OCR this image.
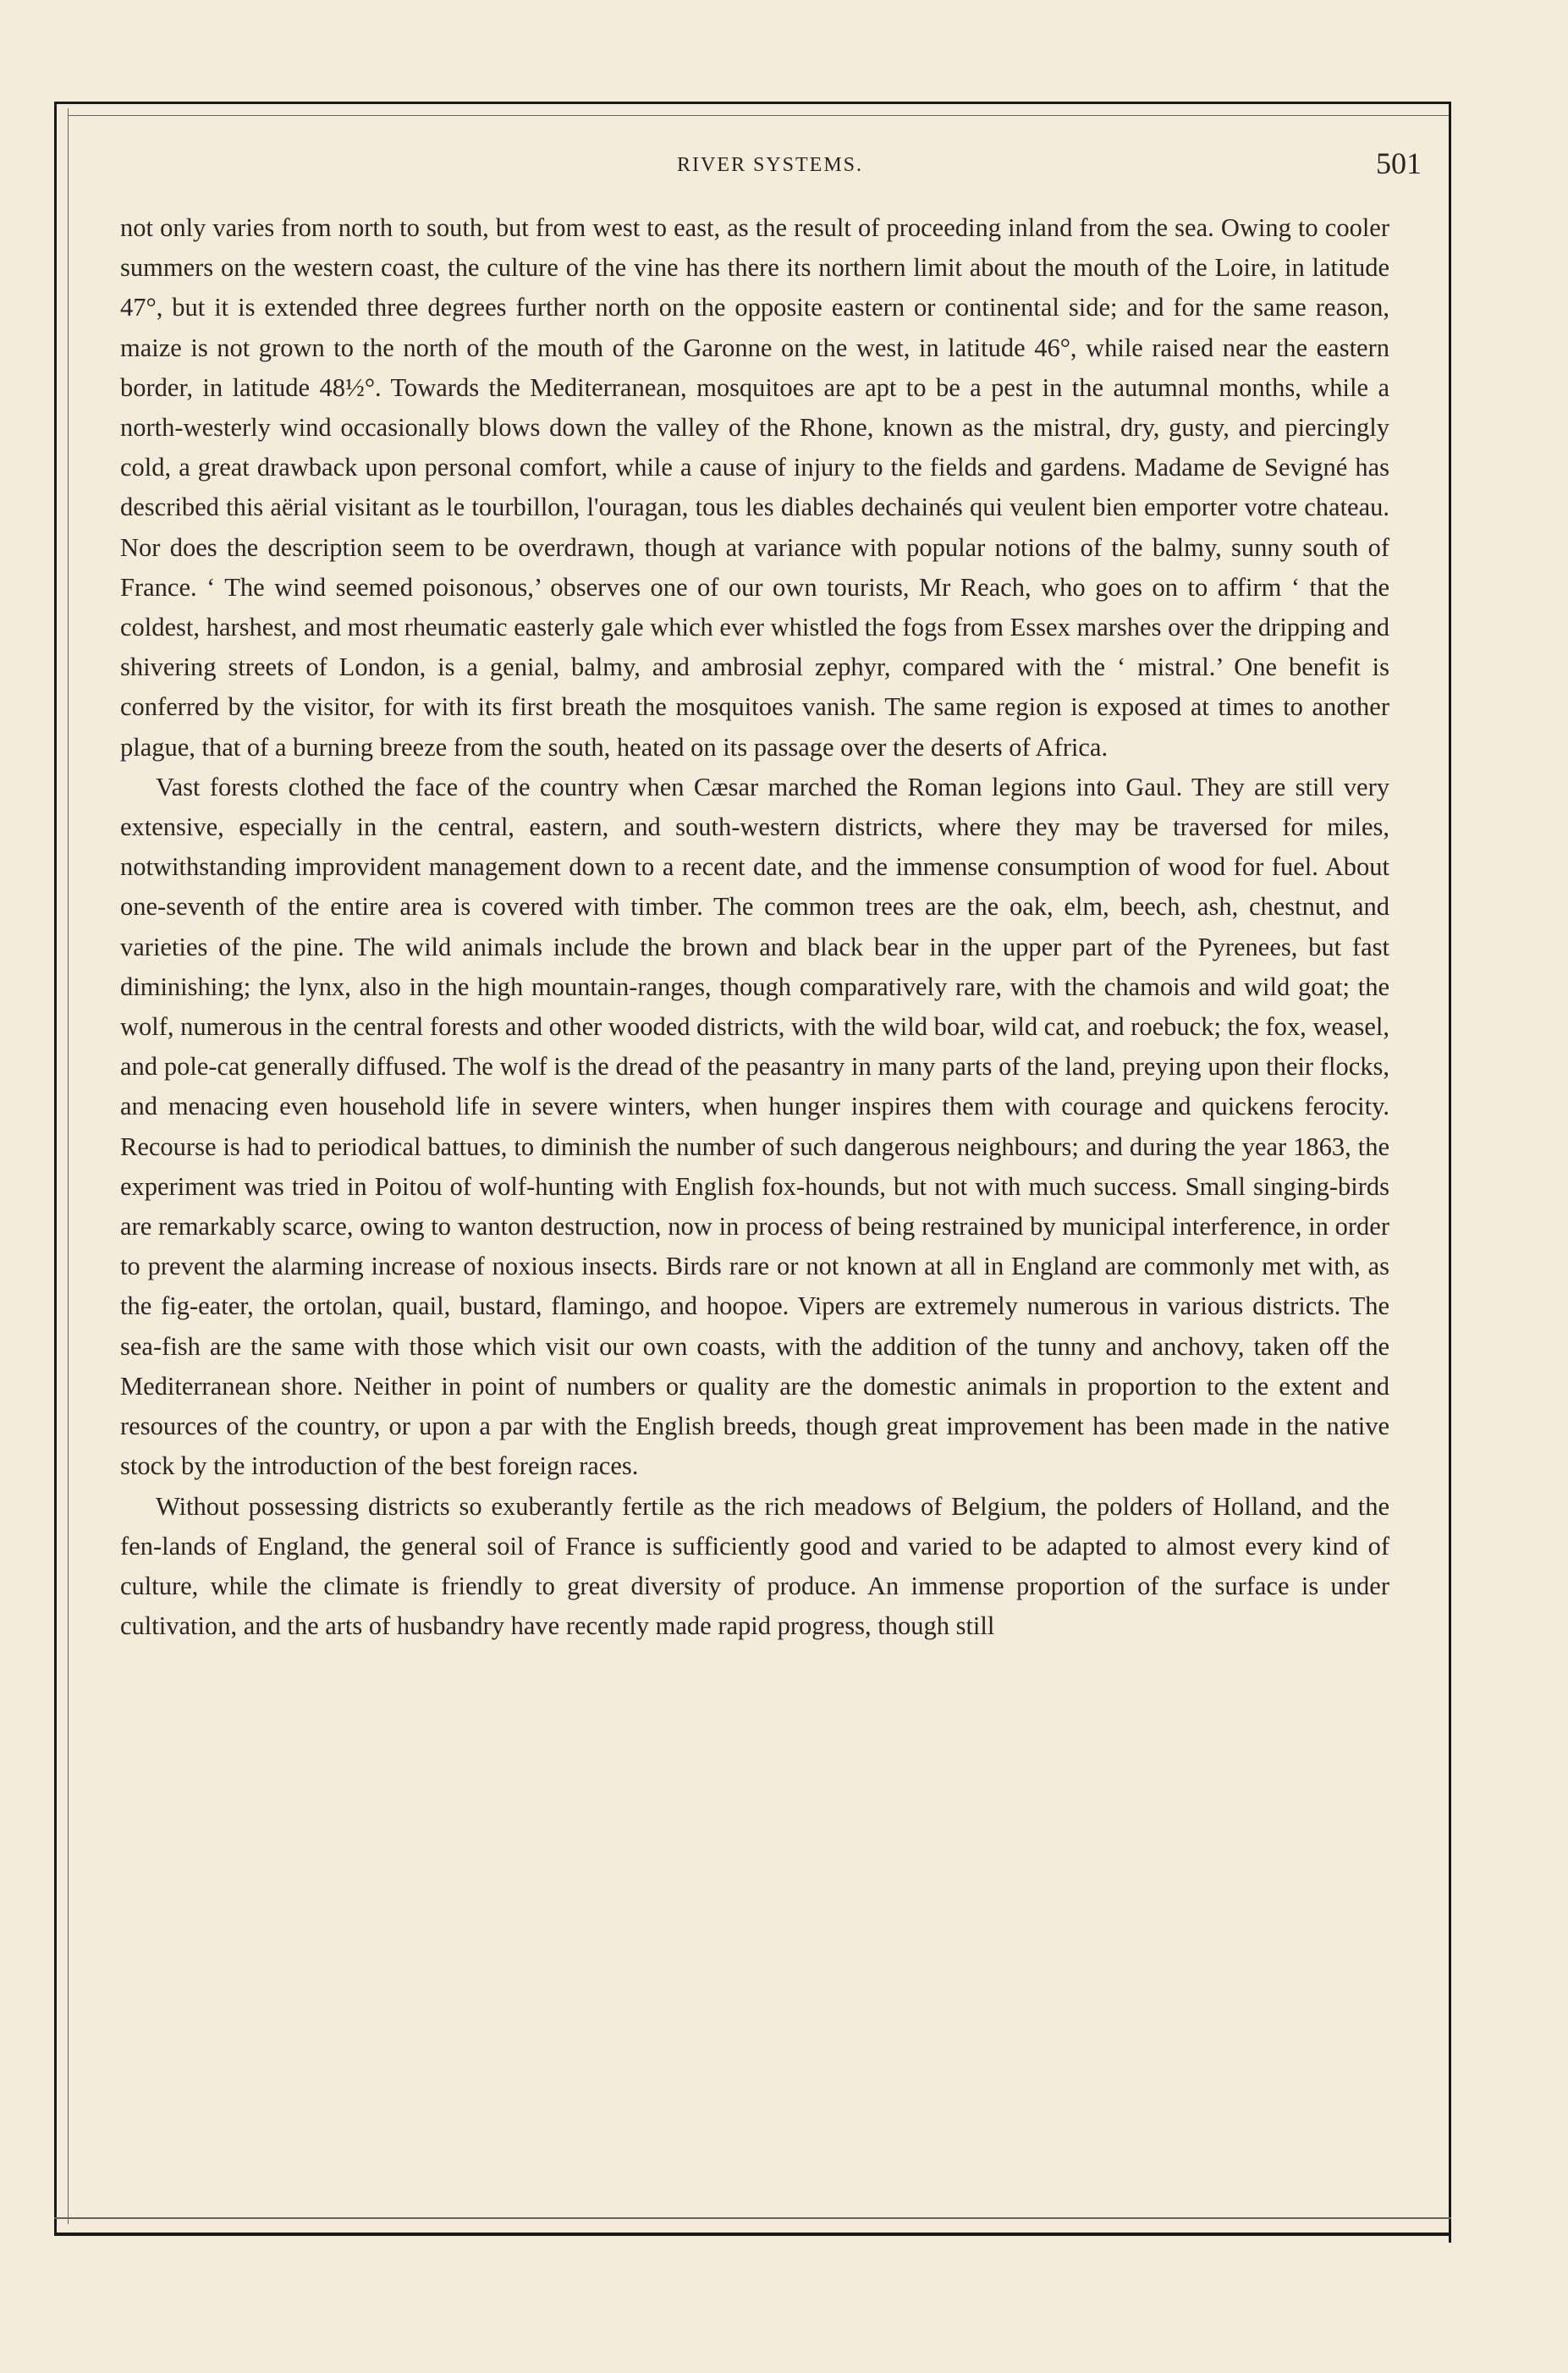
RIVER SYSTEMS.	501

not only varies from north to south, but from west to east, as the result of proceeding inland from the sea. Owing to cooler summers on the western coast, the culture of the vine has there its northern limit about the mouth of the Loire, in latitude 47°, but it is extended three degrees further north on the opposite eastern or continental side; and for the same reason, maize is not grown to the north of the mouth of the Garonne on the west, in latitude 46°, while raised near the eastern border, in latitude 48½°. Towards the Mediterranean, mosquitoes are apt to be a pest in the autumnal months, while a north-westerly wind occasionally blows down the valley of the Rhone, known as the mistral, dry, gusty, and piercingly cold, a great drawback upon personal comfort, while a cause of injury to the fields and gardens. Madame de Sevigné has described this aërial visitant as le tourbillon, l'ouragan, tous les diables dechainés qui veulent bien emporter votre chateau. Nor does the description seem to be overdrawn, though at variance with popular notions of the balmy, sunny south of France. ‘ The wind seemed poisonous,’ observes one of our own tourists, Mr Reach, who goes on to affirm ‘ that the coldest, harshest, and most rheumatic easterly gale which ever whistled the fogs from Essex marshes over the dripping and shivering streets of London, is a genial, balmy, and ambrosial zephyr, compared with the ‘ mistral.’ One benefit is conferred by the visitor, for with its first breath the mosquitoes vanish. The same region is exposed at times to another plague, that of a burning breeze from the south, heated on its passage over the deserts of Africa.

Vast forests clothed the face of the country when Cæsar marched the Roman legions into Gaul. They are still very extensive, especially in the central, eastern, and south-western districts, where they may be traversed for miles, notwithstanding improvident management down to a recent date, and the immense consumption of wood for fuel. About one-seventh of the entire area is covered with timber. The common trees are the oak, elm, beech, ash, chestnut, and varieties of the pine. The wild animals include the brown and black bear in the upper part of the Pyrenees, but fast diminishing; the lynx, also in the high mountain-ranges, though comparatively rare, with the chamois and wild goat; the wolf, numerous in the central forests and other wooded districts, with the wild boar, wild cat, and roebuck; the fox, weasel, and pole-cat generally diffused. The wolf is the dread of the peasantry in many parts of the land, preying upon their flocks, and menacing even household life in severe winters, when hunger inspires them with courage and quickens ferocity. Recourse is had to periodical battues, to diminish the number of such dangerous neighbours; and during the year 1863, the experiment was tried in Poitou of wolf-hunting with English fox-hounds, but not with much success. Small singing-birds are remarkably scarce, owing to wanton destruction, now in process of being restrained by municipal interference, in order to prevent the alarming increase of noxious insects. Birds rare or not known at all in England are commonly met with, as the fig-eater, the ortolan, quail, bustard, flamingo, and hoopoe. Vipers are extremely numerous in various districts. The sea-fish are the same with those which visit our own coasts, with the addition of the tunny and anchovy, taken off the Mediterranean shore. Neither in point of numbers or quality are the domestic animals in proportion to the extent and resources of the country, or upon a par with the English breeds, though great improvement has been made in the native stock by the introduction of the best foreign races.

Without possessing districts so exuberantly fertile as the rich meadows of Belgium, the polders of Holland, and the fen-lands of England, the general soil of France is sufficiently good and varied to be adapted to almost every kind of culture, while the climate is friendly to great diversity of produce. An immense proportion of the surface is under cultivation, and the arts of husbandry have recently made rapid progress, though still
